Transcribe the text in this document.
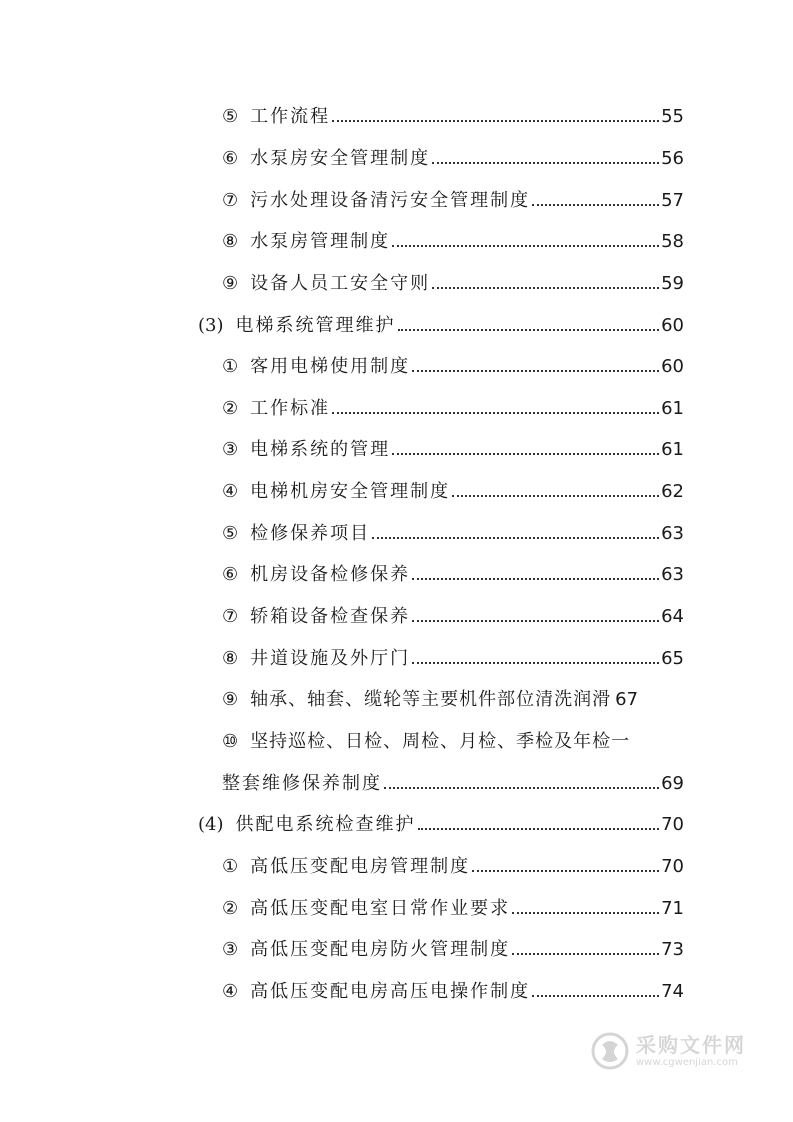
⑤ 工作流程	55
⑥ 水泵房安全管理制度	56
⑦ 污水处理设备清污安全管理制度	57
⑧ 水泵房管理制度	58
⑨ 设备人员工安全守则	59
(3) 电梯系统管理维护	60
① 客用电梯使用制度	60
② 工作标准	61
③ 电梯系统的管理	61
④ 电梯机房安全管理制度	62
⑤ 检修保养项目	63
⑥ 机房设备检修保养	63
⑦ 轿箱设备检查保养	64
⑧ 井道设施及外厅门	65
⑨ 轴承、轴套、缆轮等主要机件部位清洗润滑 67
⑩ 坚持巡检、日检、周检、月检、季检及年检一
整套维修保养制度	69
(4) 供配电系统检查维护	70
① 高低压变配电房管理制度	70
② 高低压变配电室日常作业要求	71
③ 高低压变配电房防火管理制度	73
④ 高低压变配电房高压电操作制度	74
采购文件网
www.cgwenjian.com
